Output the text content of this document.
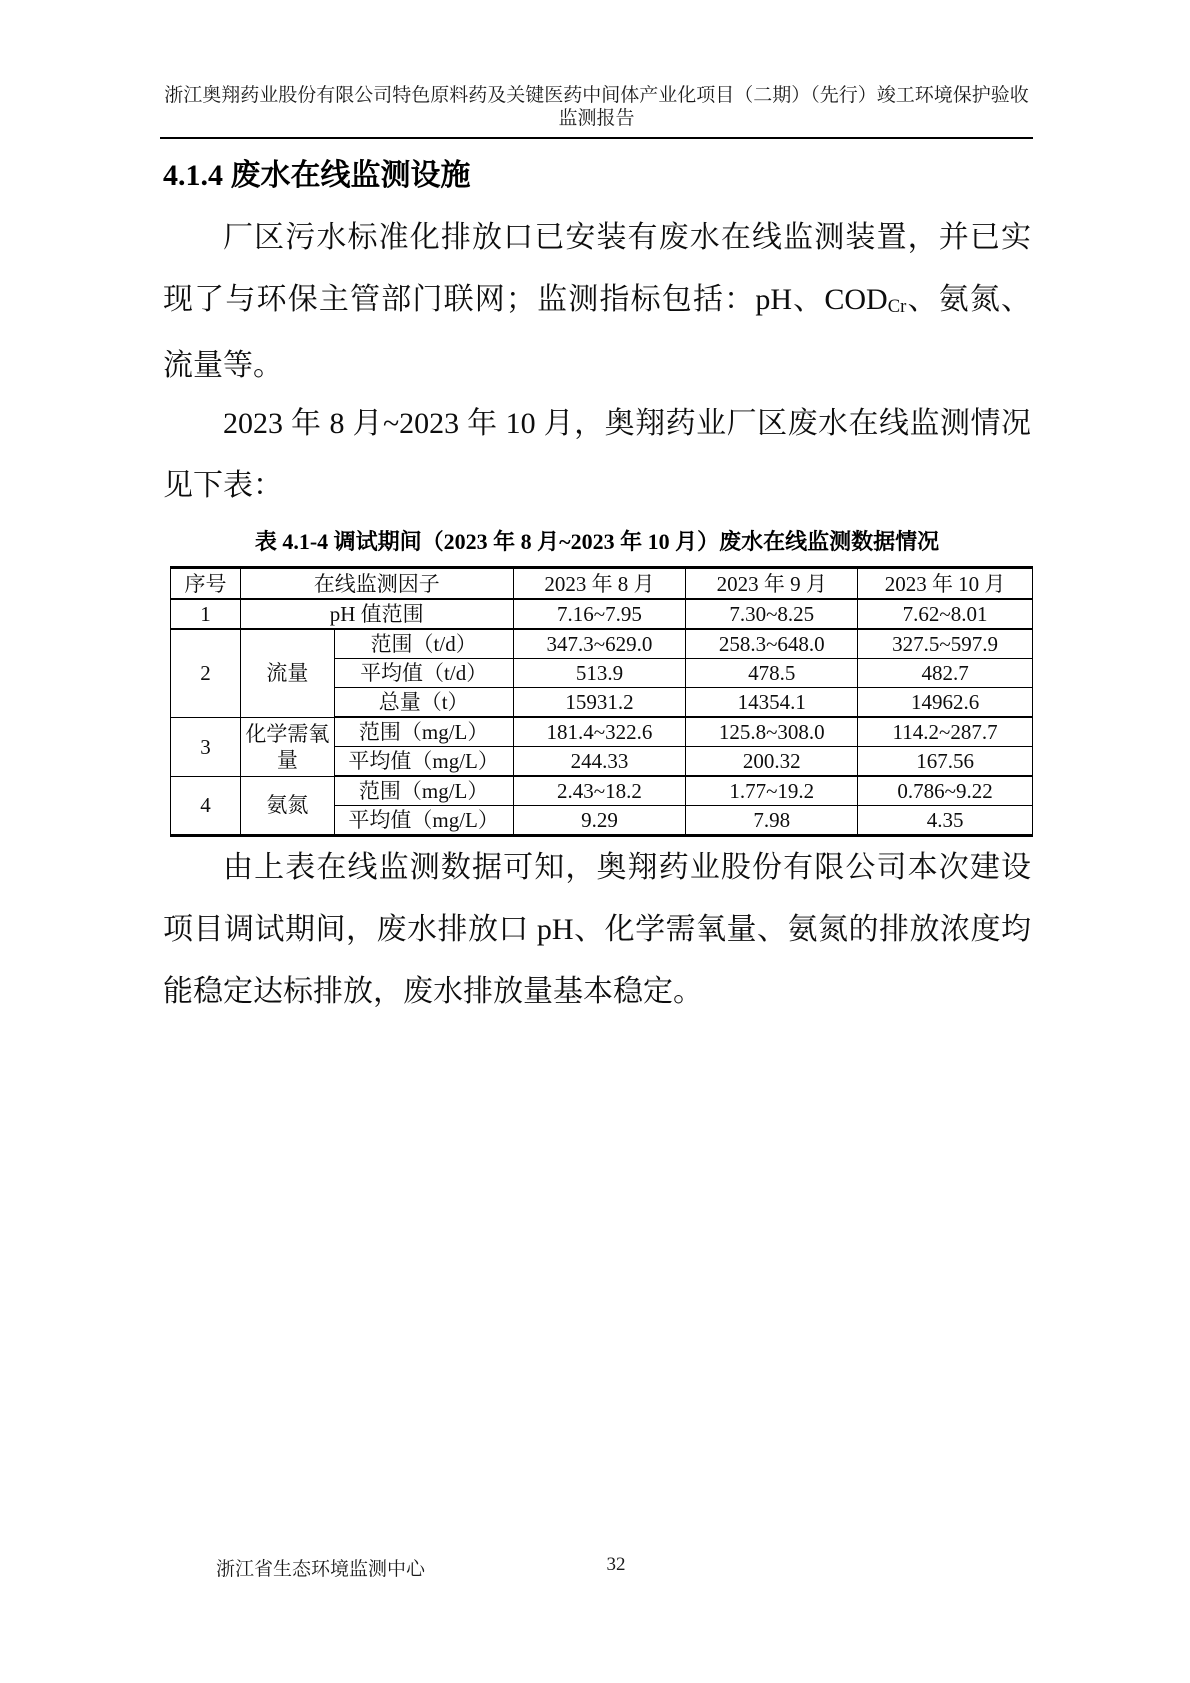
浙江奥翔药业股份有限公司特色原料药及关键医药中间体产业化项目（二期）（先行）竣工环境保护验收
监测报告
4.1.4 废水在线监测设施

厂区污水标准化排放口已安装有废水在线监测装置，并已实现了与环保主管部门联网；监测指标包括：pH、$COD_{Cr}$、氨氮、流量等。

2023 年 8 月~2023 年 10 月，奥翔药业厂区废水在线监测情况见下表：

表 4.1-4 调试期间（2023 年 8 月~2023 年 10 月）废水在线监测数据情况
序号	在线监测因子		2023 年 8 月	2023 年 9 月	2023 年 10 月
1	pH 值范围		7.16~7.95	7.30~8.25	7.62~8.01
2	流量	范围（t/d）	347.3~629.0	258.3~648.0	327.5~597.9
		平均值（t/d）	513.9	478.5	482.7
		总量（t）	15931.2	14354.1	14962.6
3	化学需氧量	范围（mg/L）	181.4~322.6	125.8~308.0	114.2~287.7
		平均值（mg/L）	244.33	200.32	167.56
4	氨氮	范围（mg/L）	2.43~18.2	1.77~19.2	0.786~9.22
		平均值（mg/L）	9.29	7.98	4.35

由上表在线监测数据可知，奥翔药业股份有限公司本次建设项目调试期间，废水排放口 pH、化学需氧量、氨氮的排放浓度均能稳定达标排放，废水排放量基本稳定。

浙江省生态环境监测中心	32
